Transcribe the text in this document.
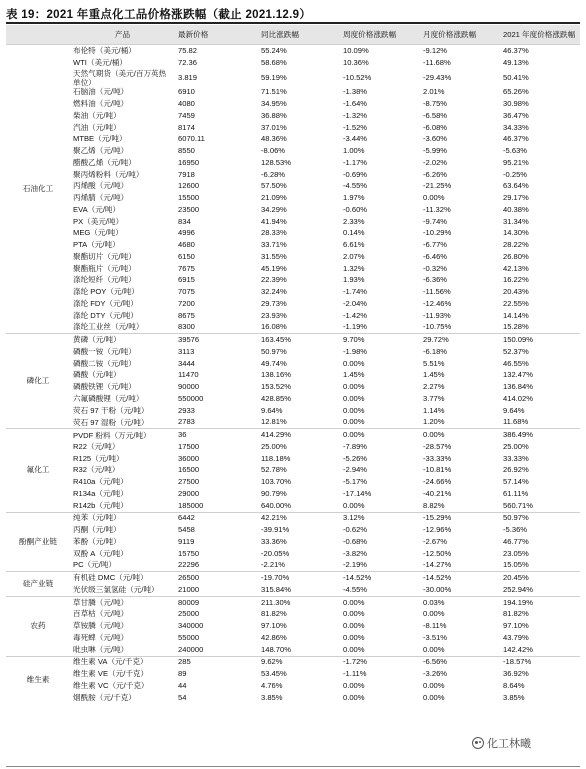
表 19：2021 年重点化工品价格涨跌幅（截止 2021.12.9）
	产品	最新价格	同比涨跌幅	周度价格涨跌幅	月度价格涨跌幅	2021 年度价格涨跌幅
石油化工	布伦特（美元/桶）	75.82	55.24%	10.09%	-9.12%	46.37%
	WTI（美元/桶）	72.36	58.68%	10.36%	-11.68%	49.13%
	天然气期货（美元/百万英热单位）	3.819	59.19%	-10.52%	-29.43%	50.41%
	石脑油（元/吨）	6910	71.51%	-1.38%	2.01%	65.26%
	燃料油（元/吨）	4080	34.95%	-1.64%	-8.75%	30.98%
	柴油（元/吨）	7459	36.88%	-1.32%	-6.58%	36.47%
	汽油（元/吨）	8174	37.01%	-1.52%	-6.08%	34.33%
	MTBE（元/吨）	6070.11	48.36%	-3.44%	-3.60%	46.37%
	聚乙烯（元/吨）	8550	-8.06%	1.00%	-5.99%	-5.63%
	醋酸乙烯（元/吨）	16950	128.53%	-1.17%	-2.02%	95.21%
	聚丙烯粉料（元/吨）	7918	-6.28%	-0.69%	-6.26%	-0.25%
	丙烯酸（元/吨）	12600	57.50%	-4.55%	-21.25%	63.64%
	丙烯腈（元/吨）	15500	21.09%	1.97%	0.00%	29.17%
	EVA（元/吨）	23500	34.29%	-0.60%	-11.32%	40.38%
	PX（美元/吨）	834	41.94%	2.33%	-9.74%	31.34%
	MEG（元/吨）	4996	28.33%	0.14%	-10.29%	14.30%
	PTA（元/吨）	4680	33.71%	6.61%	-6.77%	28.22%
	聚酯切片（元/吨）	6150	31.55%	2.07%	-6.46%	26.80%
	聚酯瓶片（元/吨）	7675	45.19%	1.32%	-0.32%	42.13%
	涤纶短纤（元/吨）	6915	22.39%	1.93%	-6.36%	16.22%
	涤纶 POY（元/吨）	7075	32.24%	-1.74%	-11.56%	20.43%
	涤纶 FDY（元/吨）	7200	29.73%	-2.04%	-12.46%	22.55%
	涤纶 DTY（元/吨）	8675	23.93%	-1.42%	-11.93%	14.14%
	涤纶工业丝（元/吨）	8300	16.08%	-1.19%	-10.75%	15.28%
磷化工	黄磷（元/吨）	39576	163.45%	9.70%	29.72%	150.09%
	磷酸一铵（元/吨）	3113	50.97%	-1.98%	-6.18%	52.37%
	磷酸二铵（元/吨）	3444	49.74%	0.00%	5.51%	46.55%
	磷酸（元/吨）	11470	138.16%	1.45%	1.45%	132.47%
	磷酸铁锂（元/吨）	90000	153.52%	0.00%	2.27%	136.84%
	六氟磷酸锂（元/吨）	550000	428.85%	0.00%	3.77%	414.02%
	荧石 97 干粉（元/吨）	2933	9.64%	0.00%	1.14%	9.64%
	荧石 97 湿粉（元/吨）	2783	12.81%	0.00%	1.20%	11.68%
氟化工	PVDF 粉料（万元/吨）	36	414.29%	0.00%	0.00%	386.49%
	R22（元/吨）	17500	25.00%	-7.89%	-28.57%	25.00%
	R125（元/吨）	36000	118.18%	-5.26%	-33.33%	33.33%
	R32（元/吨）	16500	52.78%	-2.94%	-10.81%	26.92%
	R410a（元/吨）	27500	103.70%	-5.17%	-24.66%	57.14%
	R134a（元/吨）	29000	90.79%	-17.14%	-40.21%	61.11%
	R142b（元/吨）	185000	640.00%	0.00%	8.82%	560.71%
酚酮产业链	纯苯（元/吨）	6442	42.21%	3.12%	-15.29%	50.97%
	丙酮（元/吨）	5458	-39.91%	-0.62%	-12.96%	-5.36%
	苯酚（元/吨）	9119	33.36%	-0.68%	-2.67%	46.77%
	双酚 A（元/吨）	15750	-20.05%	-3.82%	-12.50%	23.05%
	PC（元/吨）	22296	-2.21%	-2.19%	-14.27%	15.05%
硅产业链	有机硅 DMC（元/吨）	26500	-19.70%	-14.52%	-14.52%	20.45%
	光伏级三氯氢硅（元/吨）	21000	315.84%	-4.55%	-30.00%	252.94%
农药	草甘膦（元/吨）	80009	211.30%	0.00%	0.03%	194.19%
	百草枯（元/吨）	25000	81.82%	0.00%	0.00%	81.82%
	草铵膦（元/吨）	340000	97.10%	0.00%	-8.11%	97.10%
	毒死蜱（元/吨）	55000	42.86%	0.00%	-3.51%	43.79%
	吡虫啉（元/吨）	240000	148.70%	0.00%	0.00%	142.42%
维生素	维生素 VA（元/千克）	285	9.62%	-1.72%	-6.56%	-18.57%
	维生素 VE（元/千克）	89	53.45%	-1.11%	-3.26%	36.92%
	维生素 VC（元/千克）	44	4.76%	0.00%	0.00%	8.64%
	烟酰胺（元/千克）	54	3.85%	0.00%	0.00%	3.85%
化工林曦
